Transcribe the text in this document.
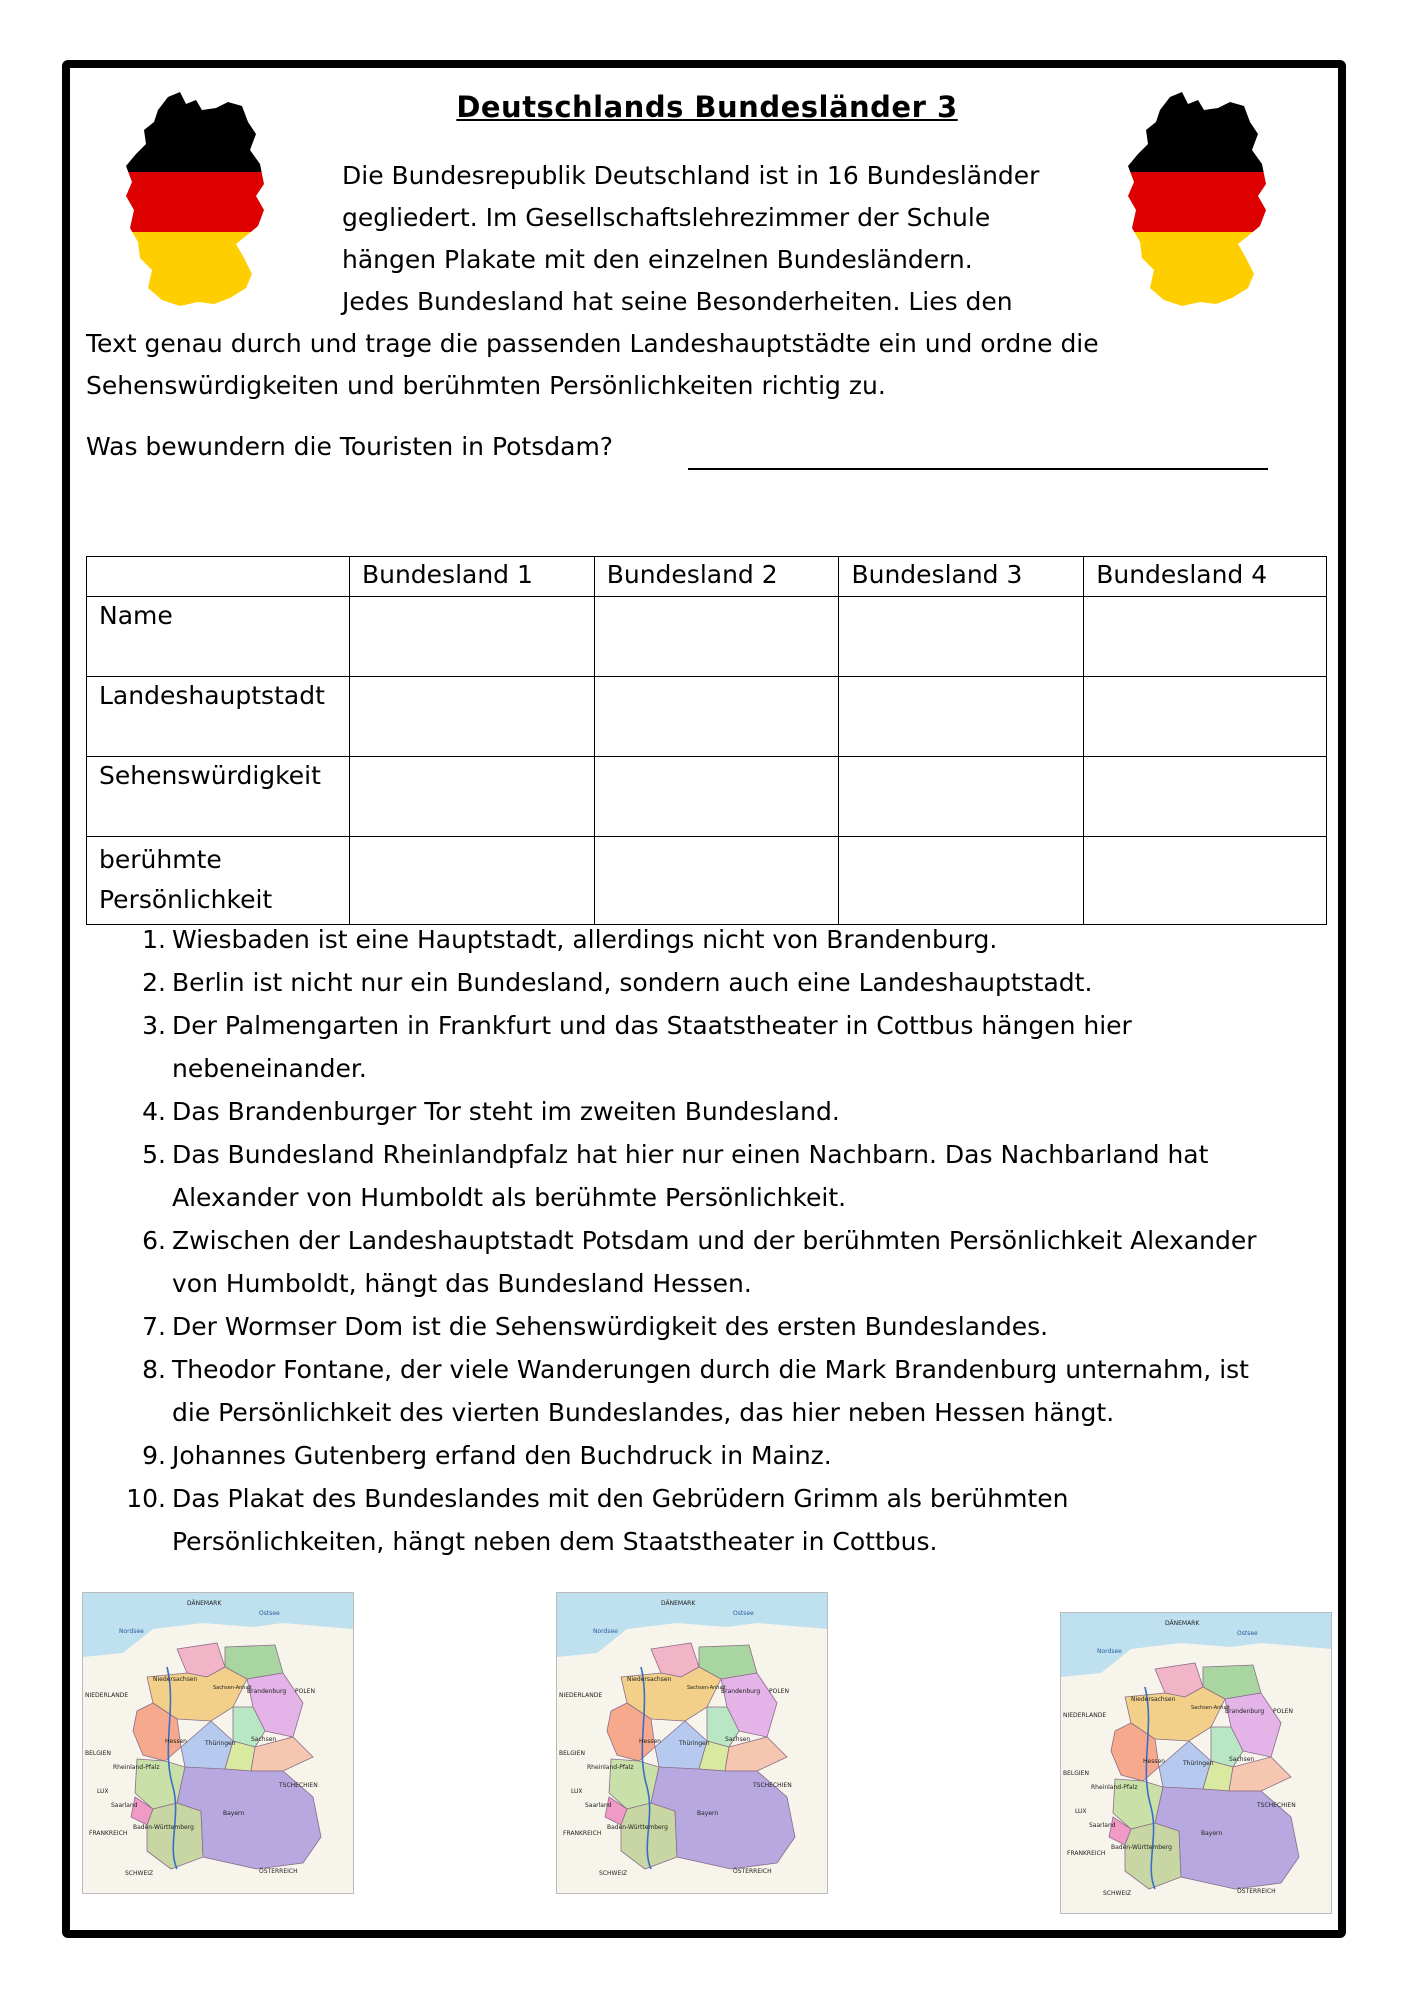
Deutschlands Bundesländer 3
Die Bundesrepublik Deutschland ist in 16 Bundesländer
gegliedert. Im Gesellschaftslehrezimmer der Schule
hängen Plakate mit den einzelnen Bundesländern.
Jedes Bundesland hat seine Besonderheiten. Lies den
Text genau durch und trage die passenden Landeshauptstädte ein und ordne die
Sehenswürdigkeiten und berühmten Persönlichkeiten richtig zu.
Was bewundern die Touristen in Potsdam?
	Bundesland 1	Bundesland 2	Bundesland 3	Bundesland 4
Name				
Landeshauptstadt				
Sehenswürdigkeit				
berühmte Persönlichkeit				
1. Wiesbaden ist eine Hauptstadt, allerdings nicht von Brandenburg.
2. Berlin ist nicht nur ein Bundesland, sondern auch eine Landeshauptstadt.
3. Der Palmengarten in Frankfurt und das Staatstheater in Cottbus hängen hier
nebeneinander.
4. Das Brandenburger Tor steht im zweiten Bundesland.
5. Das Bundesland Rheinlandpfalz hat hier nur einen Nachbarn. Das Nachbarland hat
Alexander von Humboldt als berühmte Persönlichkeit.
6. Zwischen der Landeshauptstadt Potsdam und der berühmten Persönlichkeit Alexander
von Humboldt, hängt das Bundesland Hessen.
7. Der Wormser Dom ist die Sehenswürdigkeit des ersten Bundeslandes.
8. Theodor Fontane, der viele Wanderungen durch die Mark Brandenburg unternahm, ist
die Persönlichkeit des vierten Bundeslandes, das hier neben Hessen hängt.
9. Johannes Gutenberg erfand den Buchdruck in Mainz.
10. Das Plakat des Bundeslandes mit den Gebrüdern Grimm als berühmten
Persönlichkeiten, hängt neben dem Staatstheater in Cottbus.
DÄNEMARK
Ostsee
Nordsee
NIEDERLANDE
POLEN
Brandenburg
Sachsen-Anhalt
Niedersachsen
Sachsen
Thüringen
Hessen
BELGIEN
Rheinland-Pfalz
LUX
Saarland
TSCHECHIEN
Bayern
FRANKREICH
Baden-Württemberg
SCHWEIZ	ÖSTERREICH
DÄNEMARK
Ostsee
Nordsee
NIEDERLANDE
POLEN
Brandenburg
Sachsen-Anhalt
Niedersachsen
Sachsen
Thüringen
Hessen
BELGIEN
Rheinland-Pfalz
LUX
Saarland
TSCHECHIEN
Bayern
FRANKREICH
Baden-Württemberg
SCHWEIZ	ÖSTERREICH
DÄNEMARK
Ostsee
Nordsee
NIEDERLANDE
POLEN
Brandenburg
Sachsen-Anhalt
Niedersachsen
Sachsen
Thüringen
Hessen
BELGIEN
Rheinland-Pfalz
LUX
Saarland
TSCHECHIEN
Bayern
FRANKREICH
Baden-Württemberg
SCHWEIZ	ÖSTERREICH
